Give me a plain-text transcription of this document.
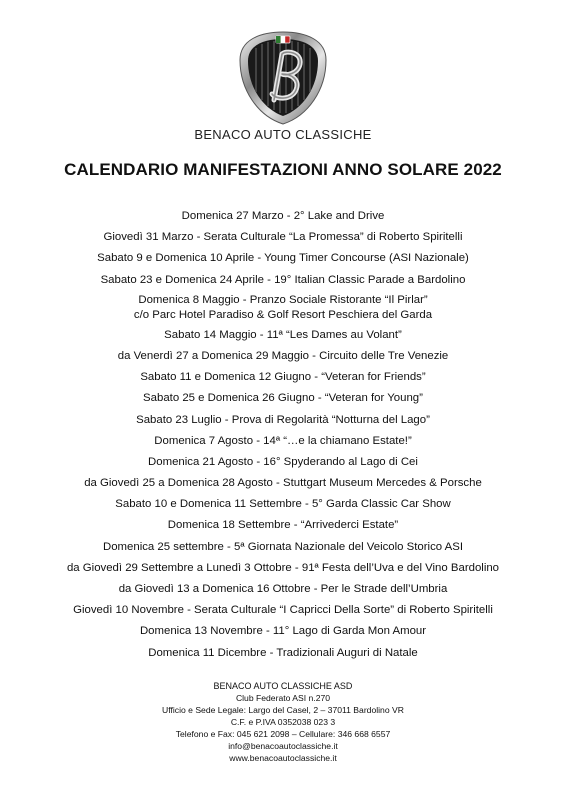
BENACO AUTO CLASSICHE
CALENDARIO MANIFESTAZIONI ANNO SOLARE 2022
Domenica 27 Marzo - 2° Lake and Drive
Giovedì 31 Marzo - Serata Culturale “La Promessa” di Roberto Spiritelli
Sabato 9 e Domenica 10 Aprile - Young Timer Concourse (ASI Nazionale)
Sabato 23 e Domenica 24 Aprile - 19° Italian Classic Parade a Bardolino
Domenica 8 Maggio - Pranzo Sociale Ristorante “Il Pirlar”
c/o Parc Hotel Paradiso & Golf Resort Peschiera del Garda
Sabato 14 Maggio - 11ª “Les Dames au Volant”
da Venerdì 27 a Domenica 29 Maggio - Circuito delle Tre Venezie
Sabato 11 e Domenica 12 Giugno - “Veteran for Friends”
Sabato 25 e Domenica 26 Giugno - “Veteran for Young”
Sabato 23 Luglio - Prova di Regolarità “Notturna del Lago”
Domenica 7 Agosto - 14ª “…e la chiamano Estate!”
Domenica 21 Agosto - 16° Spyderando al Lago di Cei
da Giovedì 25 a Domenica 28 Agosto - Stuttgart Museum Mercedes & Porsche
Sabato 10 e Domenica 11 Settembre - 5° Garda Classic Car Show
Domenica 18 Settembre - “Arrivederci Estate”
Domenica 25 settembre - 5ª Giornata Nazionale del Veicolo Storico ASI
da Giovedì 29 Settembre a Lunedì 3 Ottobre - 91ª Festa dell’Uva e del Vino Bardolino
da Giovedì 13 a Domenica 16 Ottobre - Per le Strade dell’Umbria
Giovedì 10 Novembre - Serata Culturale “I Capricci Della Sorte” di Roberto Spiritelli
Domenica 13 Novembre - 11° Lago di Garda Mon Amour
Domenica 11 Dicembre - Tradizionali Auguri di Natale
BENACO AUTO CLASSICHE ASD
Club Federato ASI n.270
Ufficio e Sede Legale: Largo del Casel, 2 – 37011 Bardolino VR
C.F. e P.IVA 0352038 023 3
Telefono e Fax: 045 621 2098 – Cellulare: 346 668 6557
info@benacoautoclassiche.it
www.benacoautoclassiche.it
